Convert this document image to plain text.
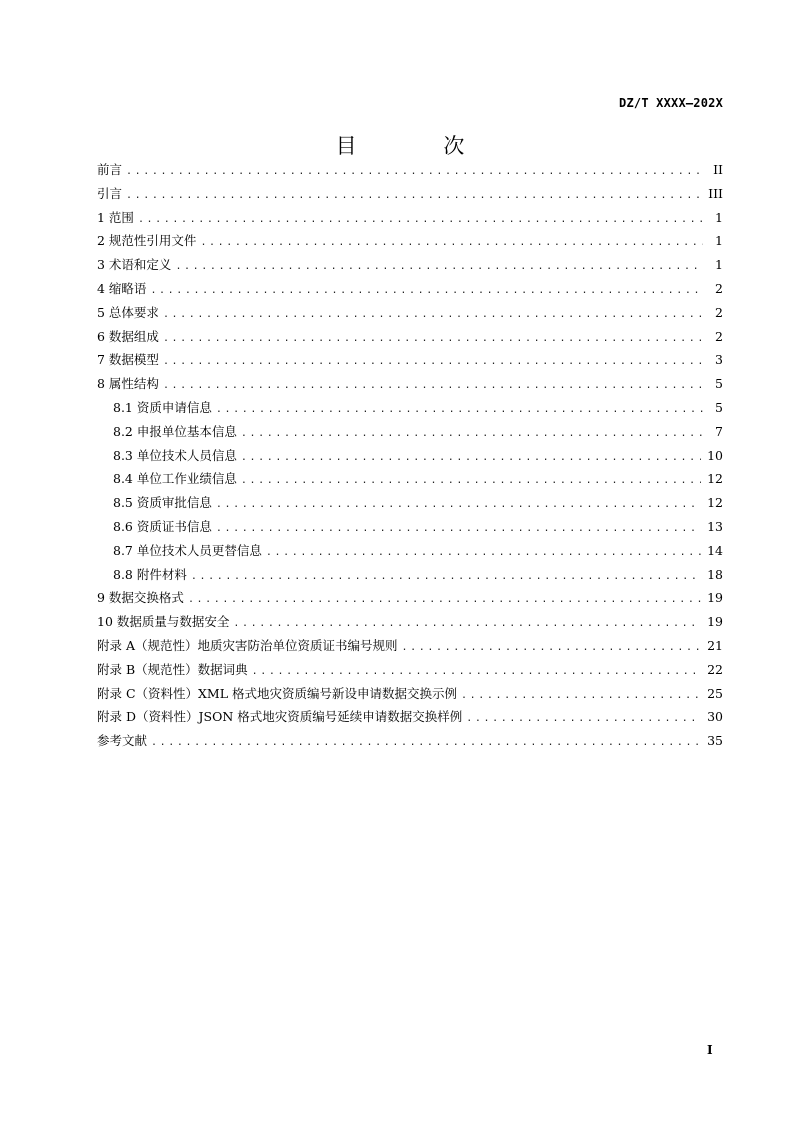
DZ/T XXXX—202X
目 次
前言 .....	II
引言 .....	III
1 范围 .....	1
2 规范性引用文件 .....	1
3 术语和定义 .....	1
4 缩略语 .....	2
5 总体要求 .....	2
6 数据组成 .....	2
7 数据模型 .....	3
8 属性结构 .....	5
8.1 资质申请信息 .....	5
8.2 申报单位基本信息 .....	7
8.3 单位技术人员信息 .....	10
8.4 单位工作业绩信息 .....	12
8.5 资质审批信息 .....	12
8.6 资质证书信息 .....	13
8.7 单位技术人员更替信息 .....	14
8.8 附件材料 .....	18
9 数据交换格式 .....	19
10 数据质量与数据安全 .....	19
附录 A（规范性）地质灾害防治单位资质证书编号规则 .....	21
附录 B（规范性）数据词典 .....	22
附录 C（资料性）XML 格式地灾资质编号新设申请数据交换示例 .....	25
附录 D（资料性）JSON 格式地灾资质编号延续申请数据交换样例 .....	30
参考文献 .....	35
I
